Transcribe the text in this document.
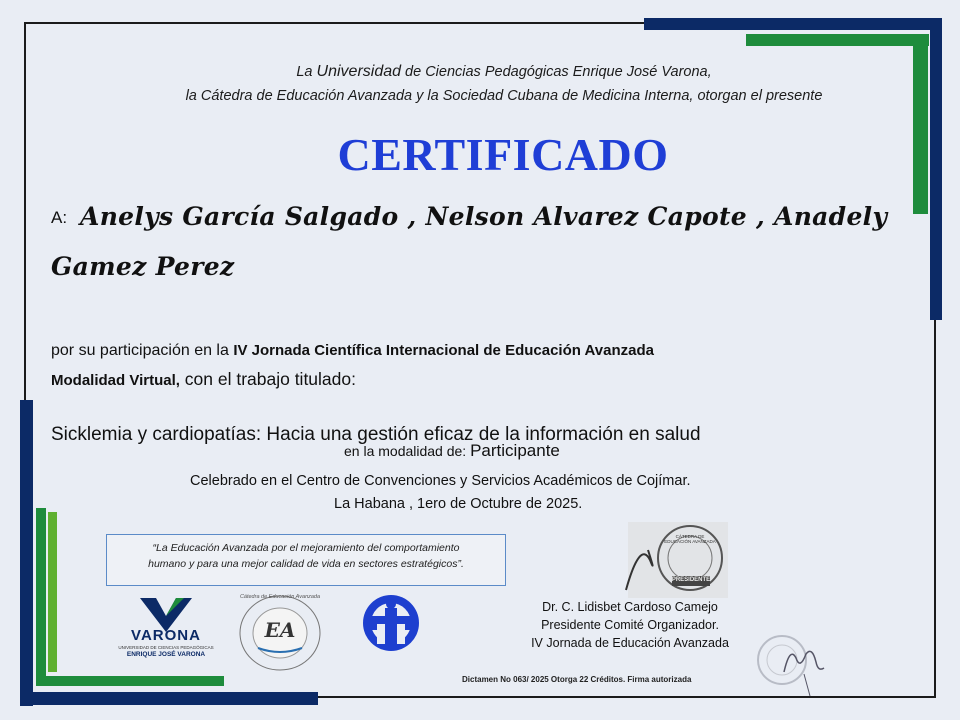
La Universidad de Ciencias Pedagógicas Enrique José Varona,
la Cátedra de Educación Avanzada y la Sociedad Cubana de Medicina Interna, otorgan el presente
CERTIFICADO
A: Anelys García Salgado , Nelson Alvarez Capote , Anadely
Gamez Perez
por su participación en la IV Jornada Científica Internacional de Educación Avanzada
Modalidad Virtual, con el trabajo titulado:
Sicklemia y cardiopatías: Hacia una gestión eficaz de la información en salud
en la modalidad de: Participante
Celebrado en el Centro de Convenciones y Servicios Académicos de Cojímar.
La Habana , 1ero de Octubre de 2025.
“La Educación Avanzada por el mejoramiento del comportamiento
humano y para una mejor calidad de vida en sectores estratégicos”.
VARONA
UNIVERSIDAD DE CIENCIAS PEDAGÓGICAS
ENRIQUE JOSÉ VARONA
EA
Cátedra de Educación Avanzada
PRESIDENTE
CÁTEDRA DE EDUCACIÓN AVANZADA
Dr. C. Lidisbet Cardoso Camejo
Presidente Comité Organizador.
IV Jornada de Educación Avanzada
Dictamen No 063/ 2025 Otorga 22 Créditos. Firma autorizada
